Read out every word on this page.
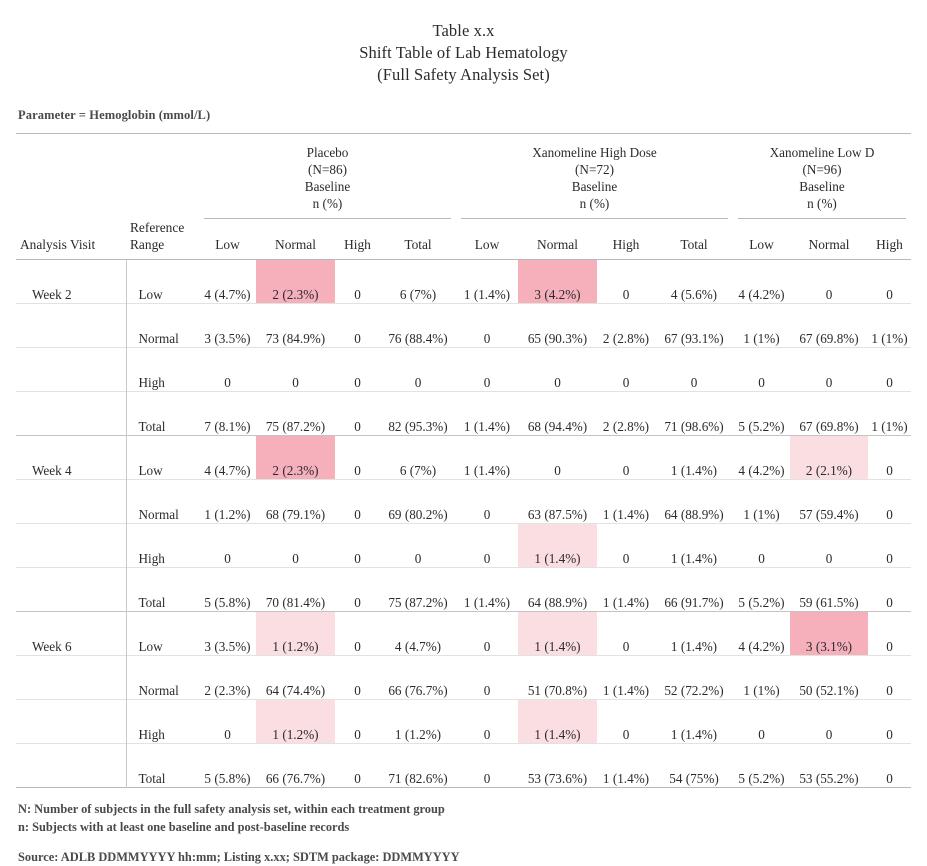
Table x.x
Shift Table of Lab Hematology
(Full Safety Analysis Set)
Parameter = Hemoglobin (mmol/L)

		Placebo
(N=86)
Baseline
n (%)				Xanomeline High Dose
(N=72)
Baseline
n (%)				Xanomeline Low D
(N=96)
Baseline
n (%)		

Analysis Visit	Reference
Range	Low	Normal	High	Total	Low	Normal	High	Total	Low	Normal	High
Week 2	Low	4 (4.7%)	2 (2.3%)	0	6 (7%)	1 (1.4%)	3 (4.2%)	0	4 (5.6%)	4 (4.2%)	0	0
	Normal	3 (3.5%)	73 (84.9%)	0	76 (88.4%)	0	65 (90.3%)	2 (2.8%)	67 (93.1%)	1 (1%)	67 (69.8%)	1 (1%)
	High	0	0	0	0	0	0	0	0	0	0	0
	Total	7 (8.1%)	75 (87.2%)	0	82 (95.3%)	1 (1.4%)	68 (94.4%)	2 (2.8%)	71 (98.6%)	5 (5.2%)	67 (69.8%)	1 (1%)

Week 4	Low	4 (4.7%)	2 (2.3%)	0	6 (7%)	1 (1.4%)	0	0	1 (1.4%)	4 (4.2%)	2 (2.1%)	0
	Normal	1 (1.2%)	68 (79.1%)	0	69 (80.2%)	0	63 (87.5%)	1 (1.4%)	64 (88.9%)	1 (1%)	57 (59.4%)	0
	High	0	0	0	0	0	1 (1.4%)	0	1 (1.4%)	0	0	0
	Total	5 (5.8%)	70 (81.4%)	0	75 (87.2%)	1 (1.4%)	64 (88.9%)	1 (1.4%)	66 (91.7%)	5 (5.2%)	59 (61.5%)	0

Week 6	Low	3 (3.5%)	1 (1.2%)	0	4 (4.7%)	0	1 (1.4%)	0	1 (1.4%)	4 (4.2%)	3 (3.1%)	0
	Normal	2 (2.3%)	64 (74.4%)	0	66 (76.7%)	0	51 (70.8%)	1 (1.4%)	52 (72.2%)	1 (1%)	50 (52.1%)	0
	High	0	1 (1.2%)	0	1 (1.2%)	0	1 (1.4%)	0	1 (1.4%)	0	0	0
	Total	5 (5.8%)	66 (76.7%)	0	71 (82.6%)	0	53 (73.6%)	1 (1.4%)	54 (75%)	5 (5.2%)	53 (55.2%)	0

N: Number of subjects in the full safety analysis set, within each treatment group
n: Subjects with at least one baseline and post-baseline records
Source: ADLB DDMMYYYY hh:mm; Listing x.xx; SDTM package: DDMMYYYY
